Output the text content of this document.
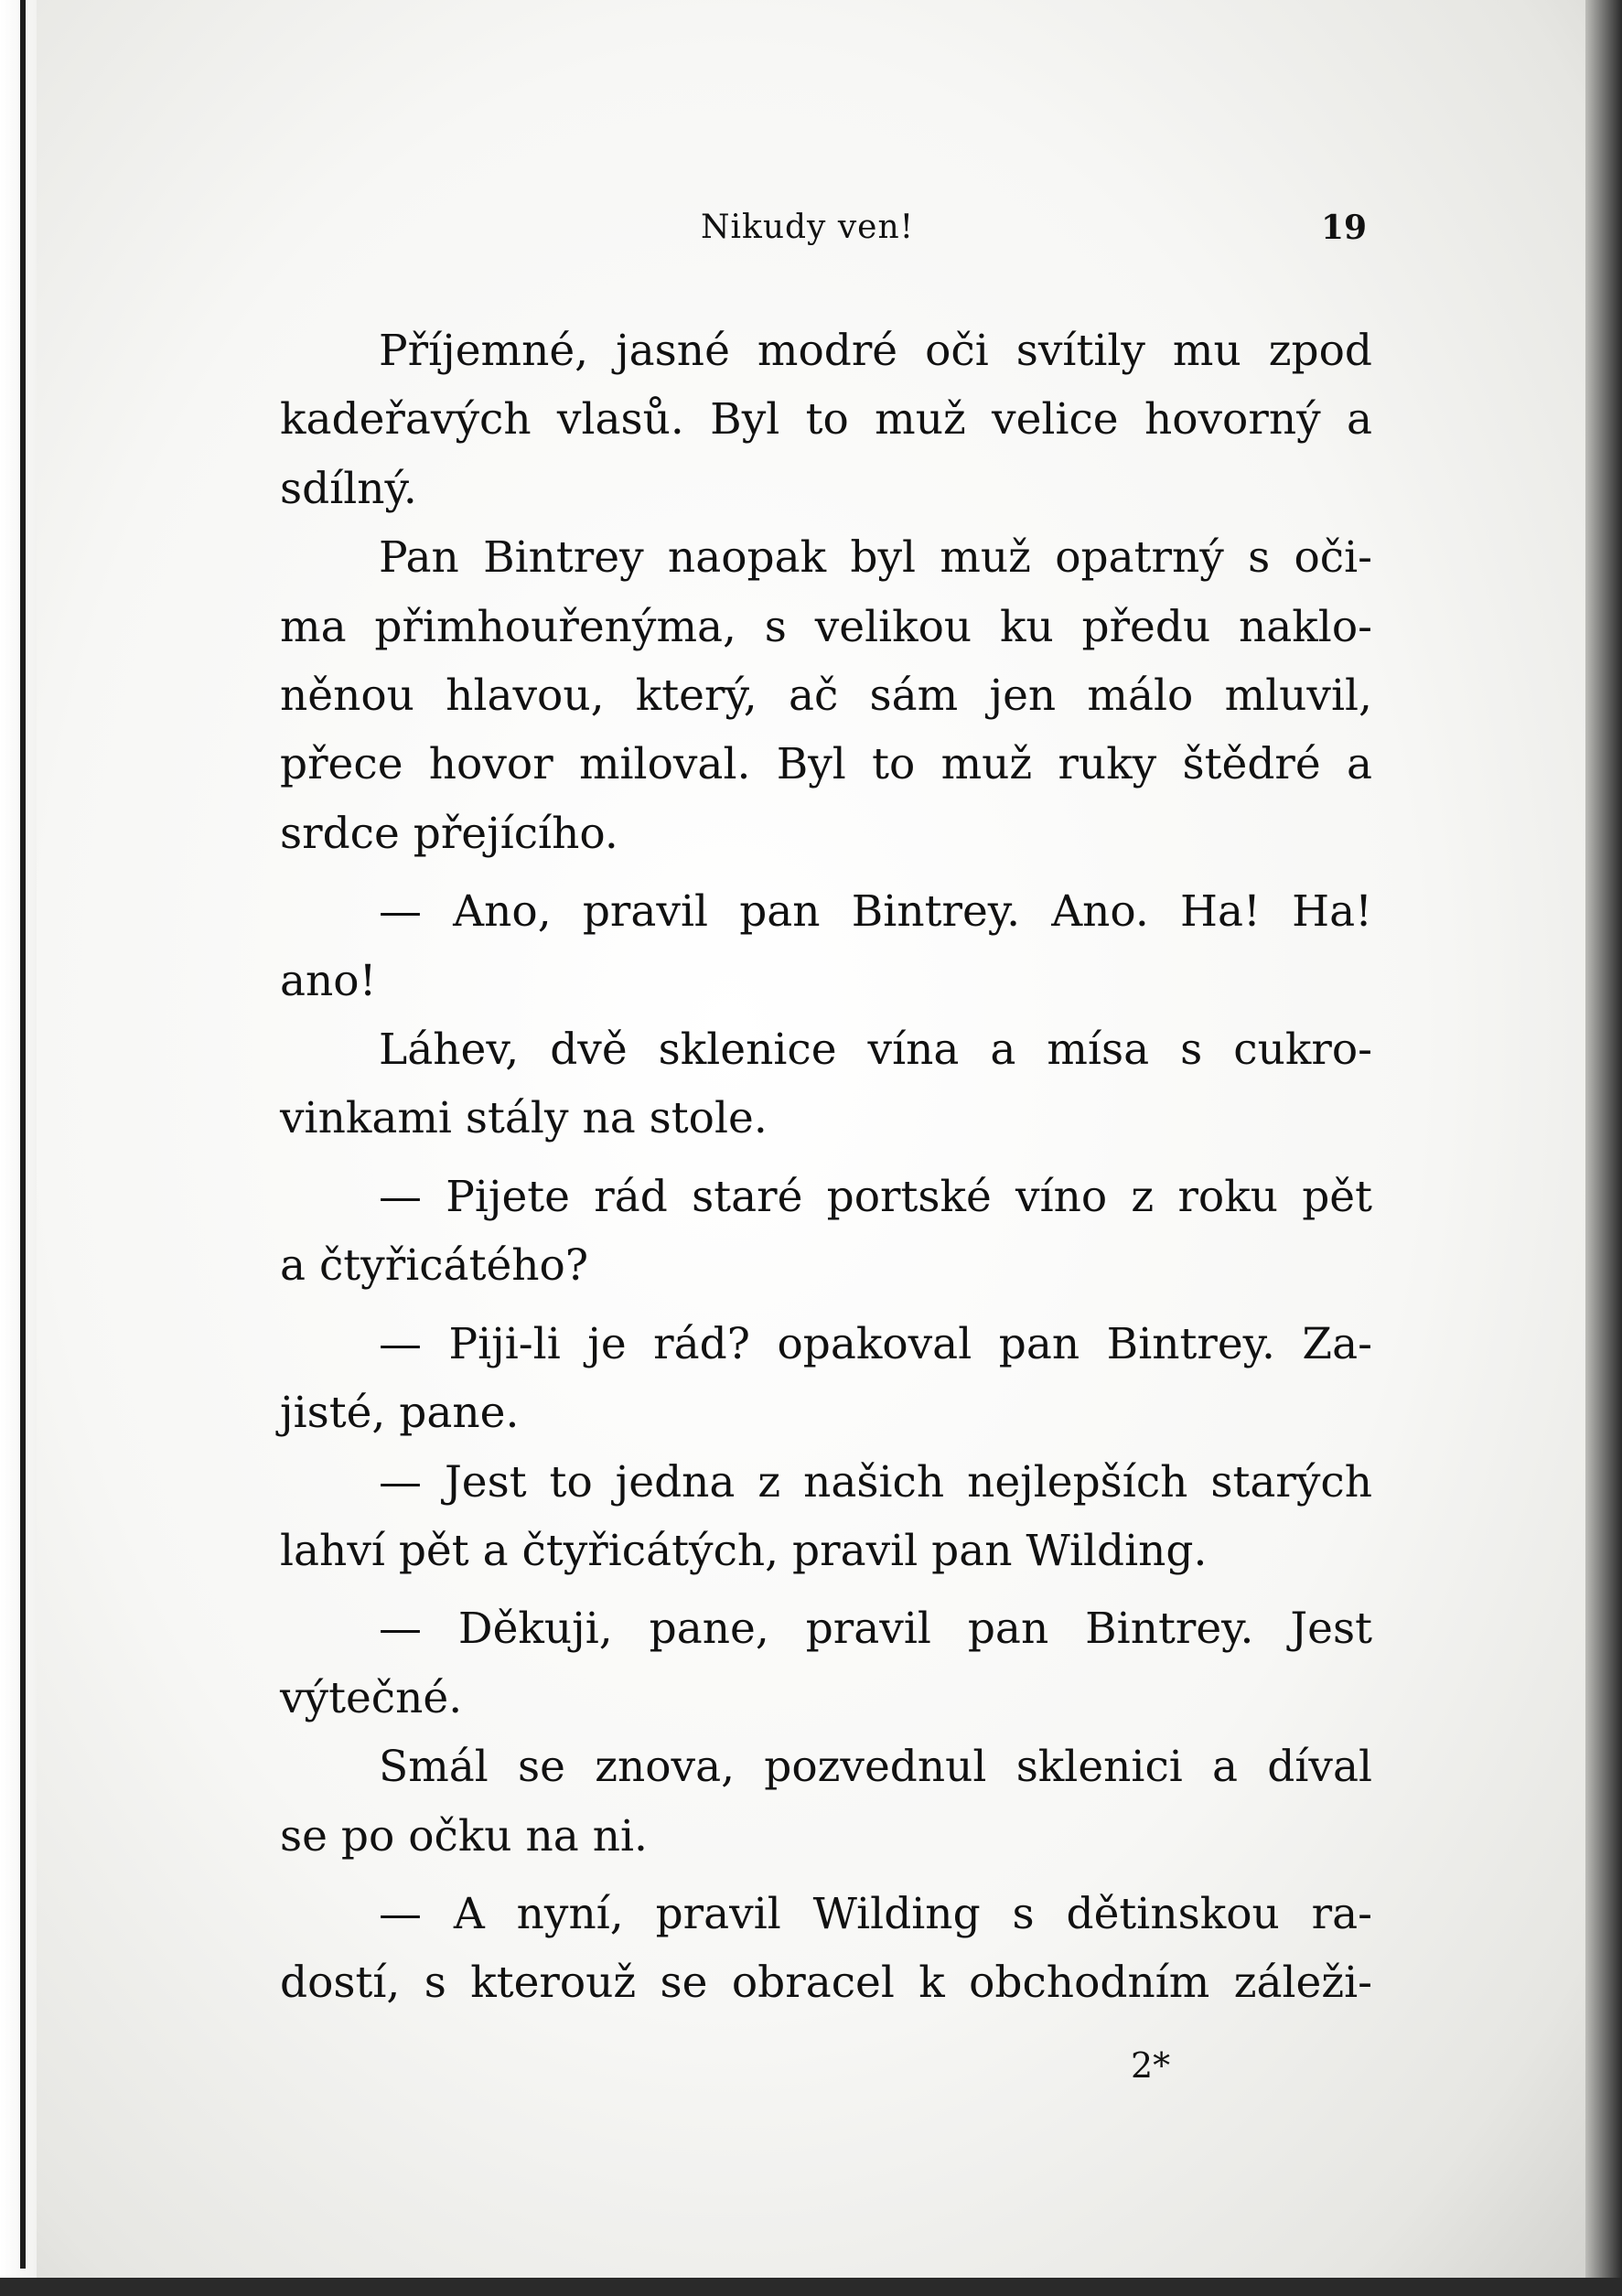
Nikudy ven!	19
Příjemné, jasné modré oči svítily mu zpod
kadeřavých vlasů. Byl to muž velice hovorný a
sdílný.
Pan Bintrey naopak byl muž opatrný s oči-
ma přimhouřenýma, s velikou ku předu naklo-
něnou hlavou, který, ač sám jen málo mluvil,
přece hovor miloval. Byl to muž ruky štědré a
srdce přejícího.
— Ano, pravil pan Bintrey. Ano. Ha! Ha!
ano!
Láhev, dvě sklenice vína a mísa s cukro-
vinkami stály na stole.
— Pijete rád staré portské víno z roku pět
a čtyřicátého?
— Piji-li je rád? opakoval pan Bintrey. Za-
jisté, pane.
— Jest to jedna z našich nejlepších starých
lahví pět a čtyřicátých, pravil pan Wilding.
— Děkuji, pane, pravil pan Bintrey. Jest
výtečné.
Smál se znova, pozvednul sklenici a díval
se po očku na ni.
— A nyní, pravil Wilding s dětinskou ra-
dostí, s kterouž se obracel k obchodním záleži-
2*
